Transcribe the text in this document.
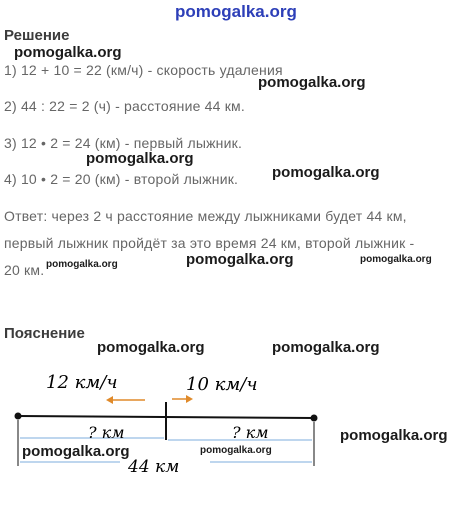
pomogalka.org
Решение
pomogalka.org
1) 12 + 10 = 22 (км/ч) - скорость удаления
pomogalka.org
2) 44 : 22 = 2 (ч) - расстояние 44 км.
3) 12 • 2 = 24 (км) - первый лыжник.
pomogalka.org
4) 10 • 2 = 20 (км) - второй лыжник. pomogalka.org
Ответ: через 2 ч расстояние между лыжниками будет 44 км,
первый лыжник пройдёт за это время 24 км, второй лыжник -
20 км. pomogalka.org	pomogalka.org	pomogalka.org
Пояснение
pomogalka.org	pomogalka.org
12 км/ч	10 км/ч
? км	? км
44 км
pomogalka.org
pomogalka.org	pomogalka.org
